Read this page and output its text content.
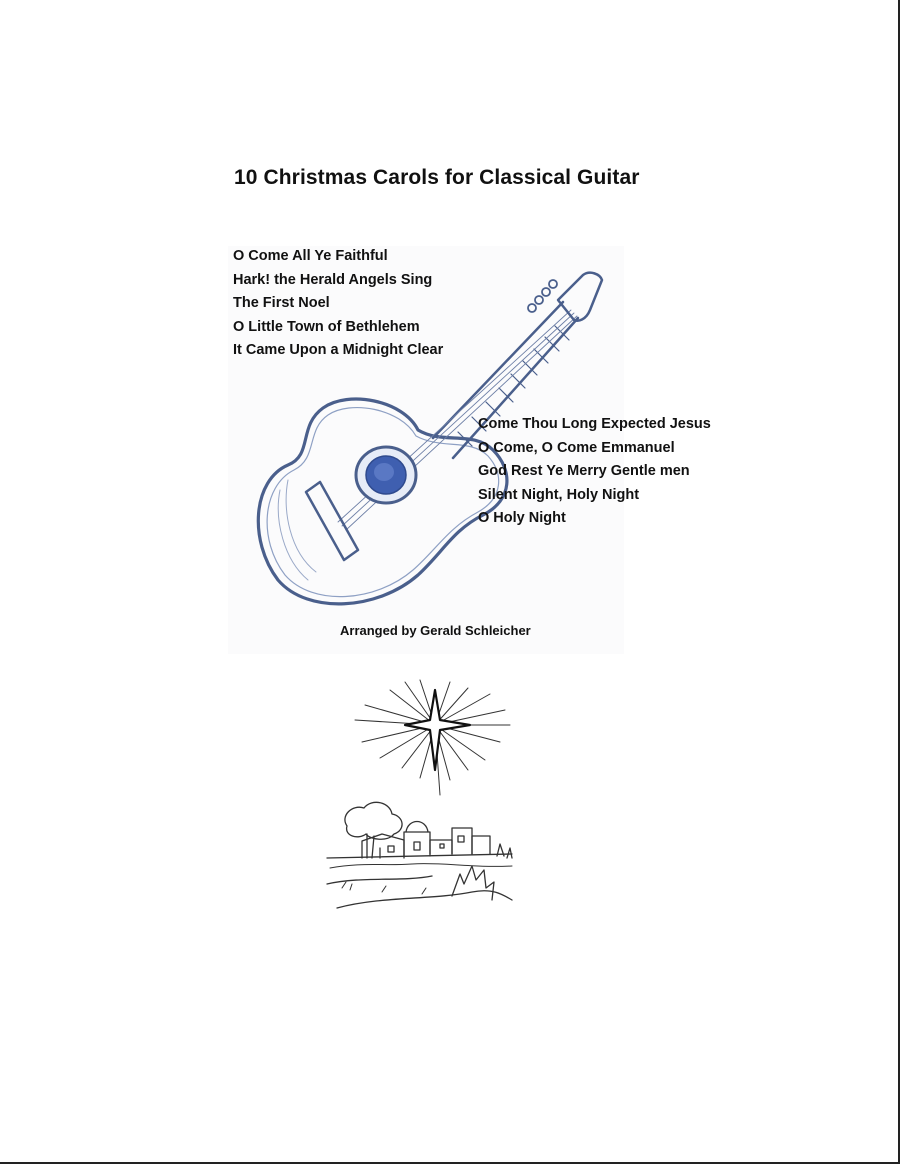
10 Christmas Carols for Classical Guitar
O Come All Ye Faithful
Hark! the Herald Angels Sing
The First Noel
O Little Town of Bethlehem
It Came Upon a Midnight Clear
Come Thou Long Expected Jesus
O Come, O Come Emmanuel
God Rest Ye Merry Gentle men
Silent Night, Holy Night
O Holy Night
Arranged by Gerald Schleicher
